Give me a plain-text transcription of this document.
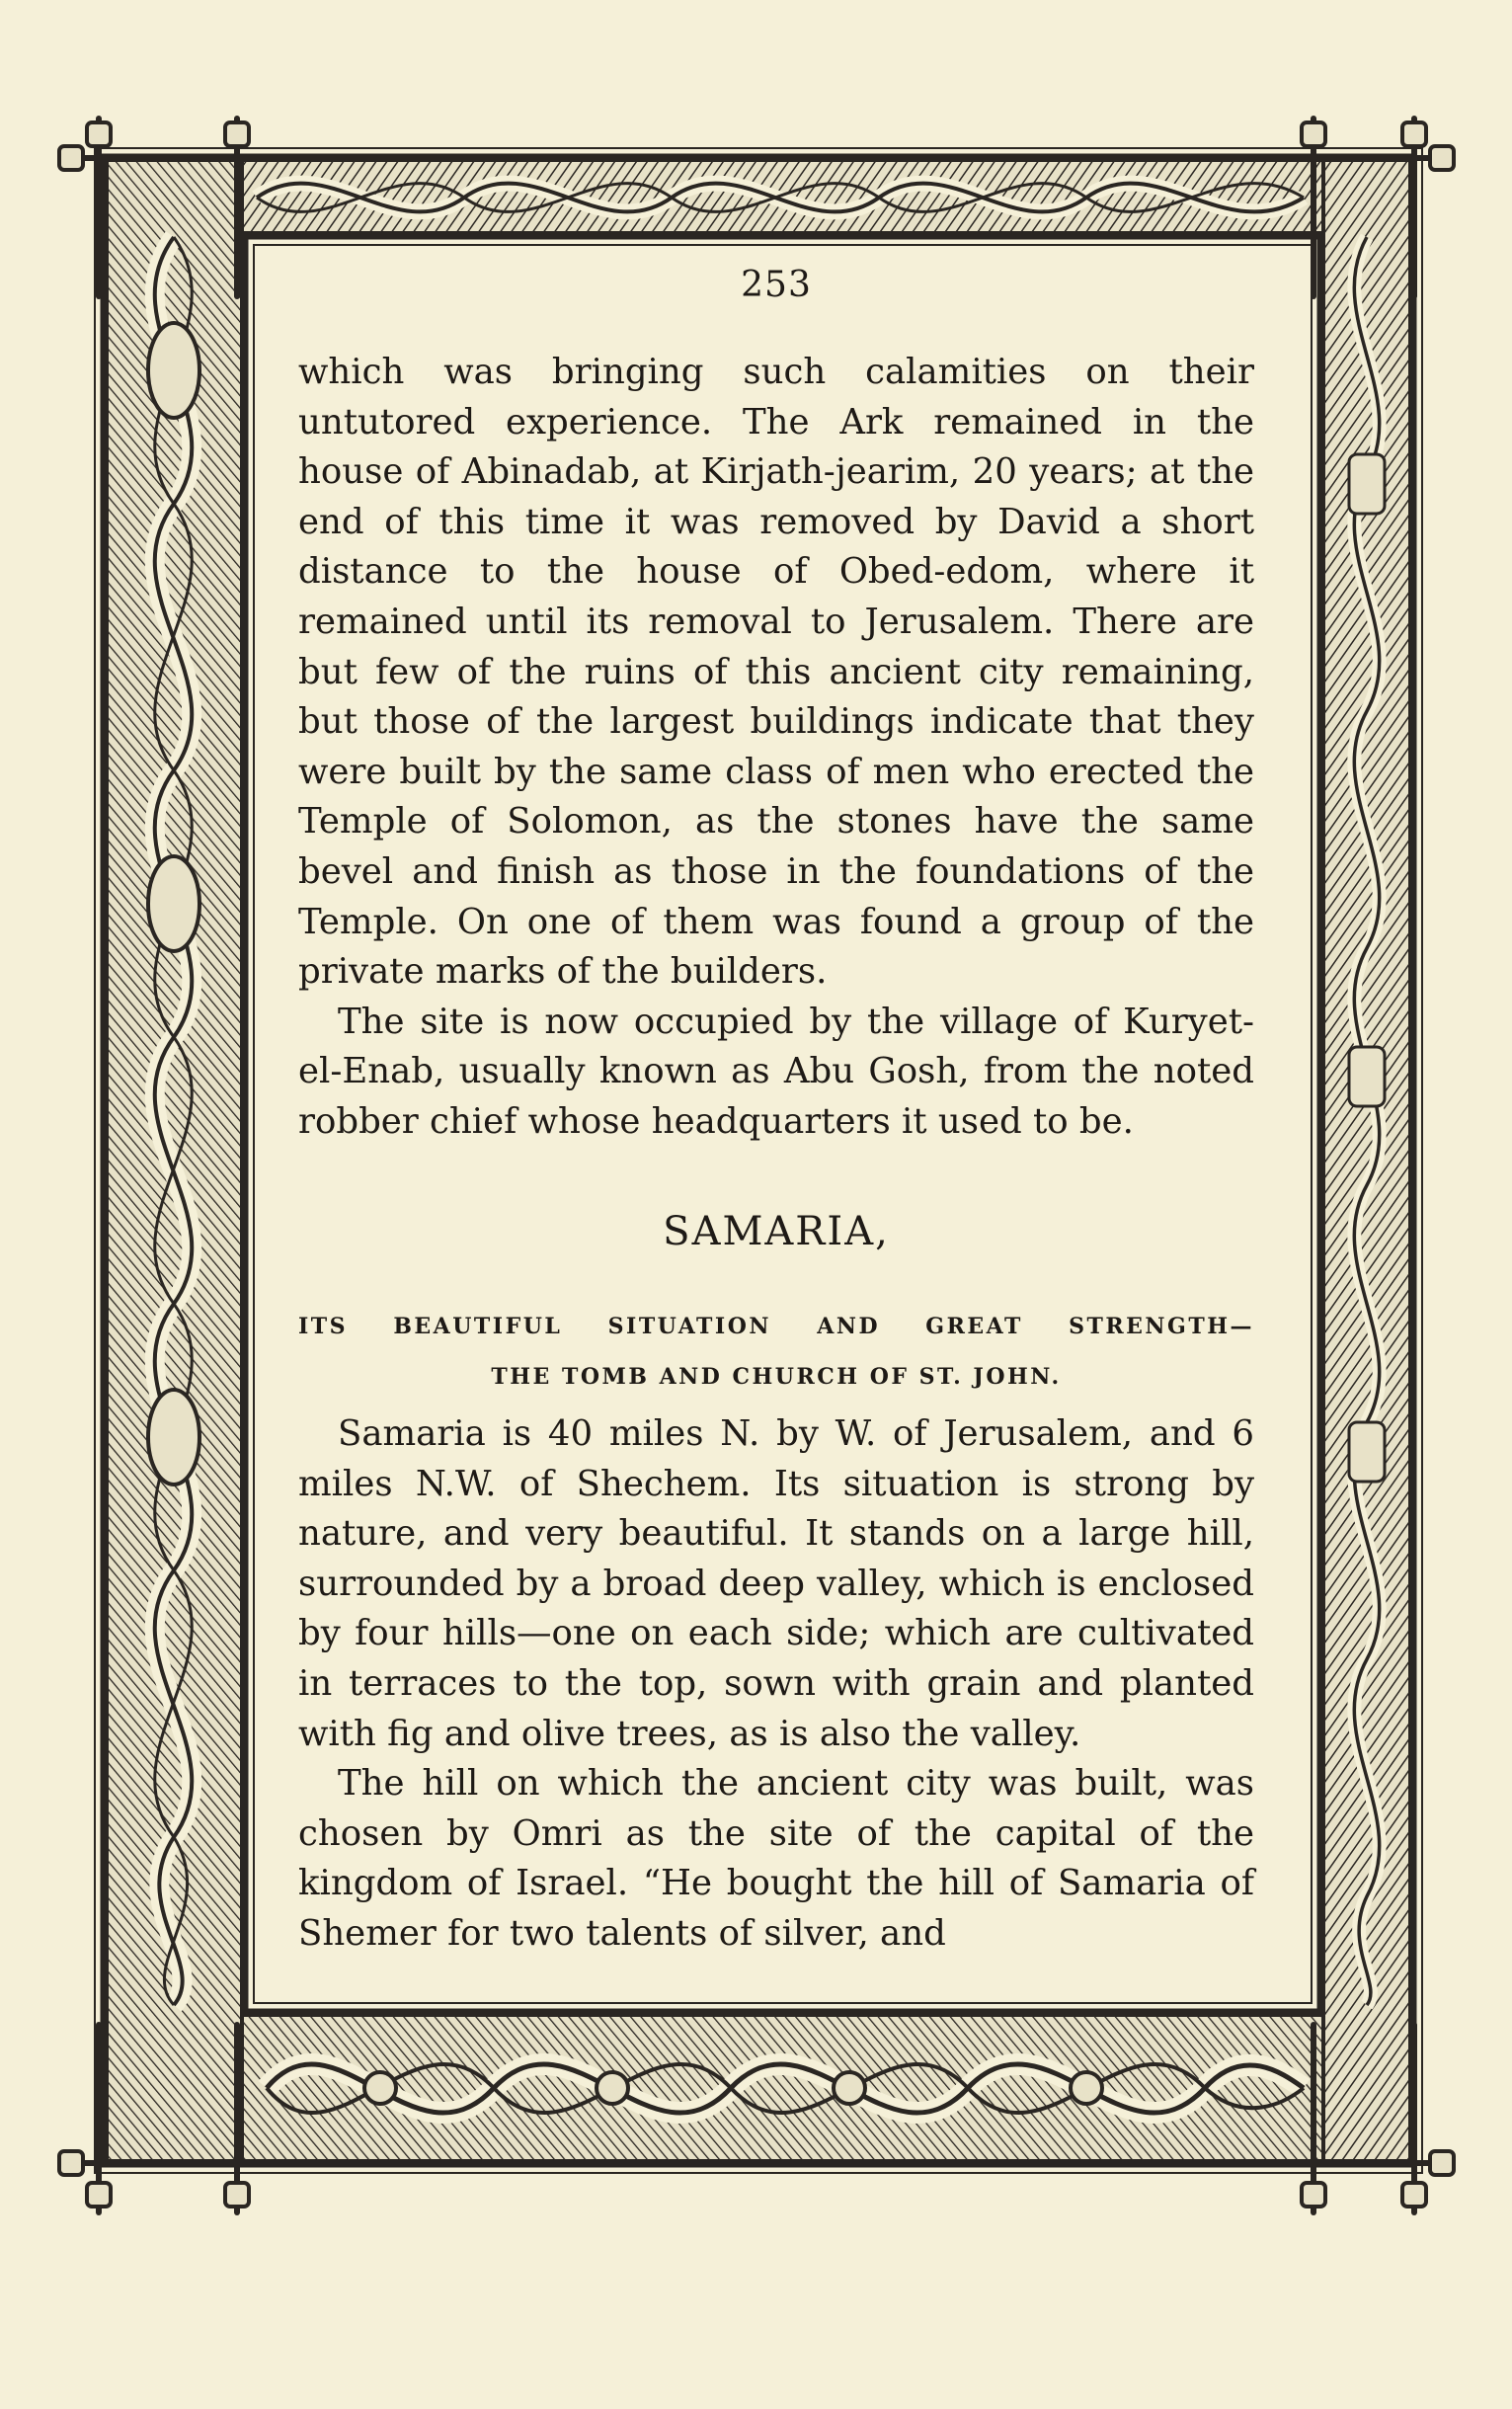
253

which was bringing such calamities on their untutored experience. The Ark remained in the house of Abinadab, at Kirjath-jearim, 20 years; at the end of this time it was removed by David a short distance to the house of Obed-edom, where it remained until its removal to Jerusalem. There are but few of the ruins of this ancient city remaining, but those of the largest buildings indicate that they were built by the same class of men who erected the Temple of Solomon, as the stones have the same bevel and finish as those in the foundations of the Temple. On one of them was found a group of the private marks of the builders.

The site is now occupied by the village of Kuryet-el-Enab, usually known as Abu Gosh, from the noted robber chief whose headquarters it used to be.

SAMARIA,
ITS BEAUTIFUL SITUATION AND GREAT STRENGTH—
THE TOMB AND CHURCH OF ST. JOHN.

Samaria is 40 miles N. by W. of Jerusalem, and 6 miles N.W. of Shechem. Its situation is strong by nature, and very beautiful. It stands on a large hill, surrounded by a broad deep valley, which is enclosed by four hills—one on each side; which are cultivated in terraces to the top, sown with grain and planted with fig and olive trees, as is also the valley.

The hill on which the ancient city was built, was chosen by Omri as the site of the capital of the kingdom of Israel. “He bought the hill of Samaria of Shemer for two talents of silver, and
